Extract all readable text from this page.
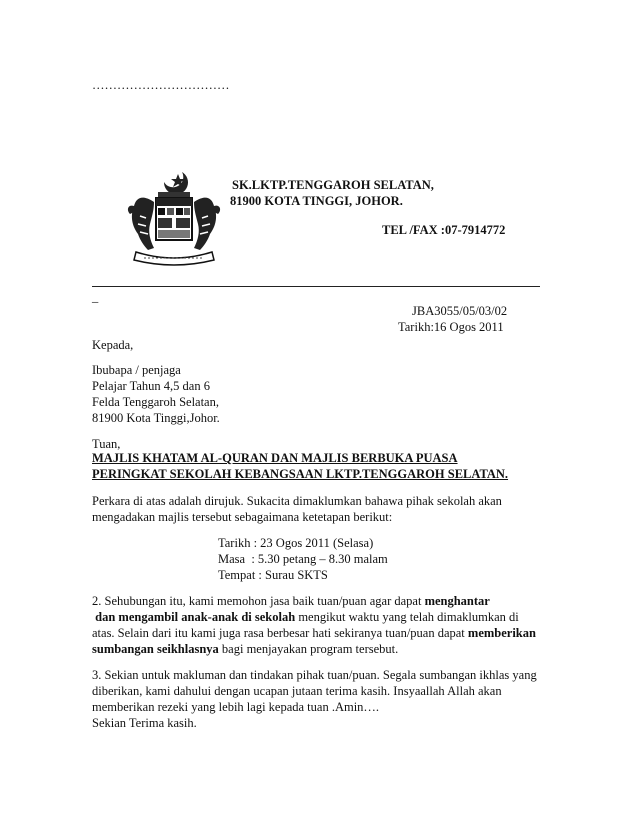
……………………………
SK.LKTP.TENGGAROH SELATAN,
81900 KOTA TINGGI, JOHOR.
TEL /FAX :07-7914772
_
JBA3055/05/03/02
Tarikh:16 Ogos 2011
Kepada,
Ibubapa / penjaga
Pelajar Tahun 4,5 dan 6
Felda Tenggaroh Selatan,
81900 Kota Tinggi,Johor.
Tuan,
MAJLIS KHATAM AL-QURAN DAN MAJLIS BERBUKA PUASA
PERINGKAT SEKOLAH KEBANGSAAN LKTP.TENGGAROH SELATAN.
Perkara di atas adalah dirujuk. Sukacita dimaklumkan bahawa pihak sekolah akan
mengadakan majlis tersebut sebagaimana ketetapan berikut:
Tarikh : 23 Ogos 2011 (Selasa)
Masa  : 5.30 petang – 8.30 malam
Tempat : Surau SKTS
2. Sehubungan itu, kami memohon jasa baik tuan/puan agar dapat menghantar
dan mengambil anak-anak di sekolah mengikut waktu yang telah dimaklumkan di
atas. Selain dari itu kami juga rasa berbesar hati sekiranya tuan/puan dapat memberikan
sumbangan seikhlasnya bagi menjayakan program tersebut.
3. Sekian untuk makluman dan tindakan pihak tuan/puan. Segala sumbangan ikhlas yang
diberikan, kami dahului dengan ucapan jutaan terima kasih. Insyaallah Allah akan
memberikan rezeki yang lebih lagi kepada tuan .Amin….
Sekian Terima kasih.
